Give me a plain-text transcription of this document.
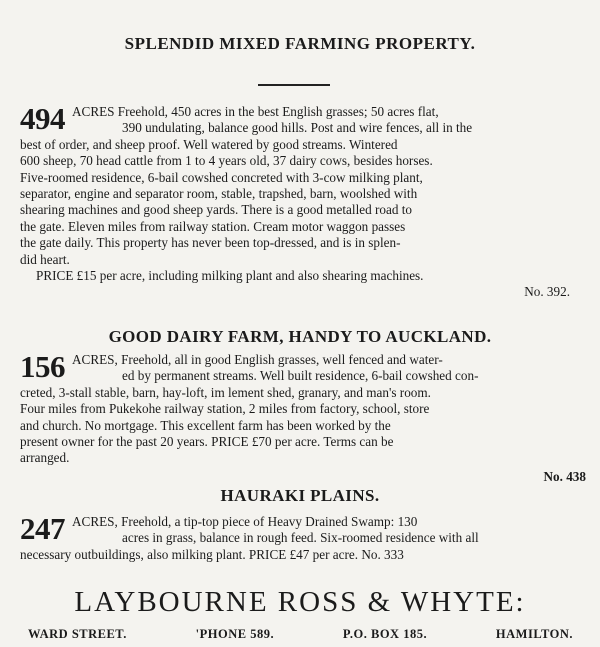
SPLENDID MIXED FARMING PROPERTY.
494 ACRES Freehold, 450 acres in the best English grasses; 50 acres flat,
390 undulating, balance good hills. Post and wire fences, all in the
best of order, and sheep proof. Well watered by good streams. Wintered
600 sheep, 70 head cattle from 1 to 4 years old, 37 dairy cows, besides horses.
Five-roomed residence, 6-bail cowshed concreted with 3-cow milking plant,
separator, engine and separator room, stable, trapshed, barn, woolshed with
shearing machines and good sheep yards. There is a good metalled road to
the gate. Eleven miles from railway station. Cream motor waggon passes
the gate daily. This property has never been top-dressed, and is in splen-
did heart.
PRICE £15 per acre, including milking plant and also shearing machines.
No. 392.
GOOD DAIRY FARM, HANDY TO AUCKLAND.
156 ACRES, Freehold, all in good English grasses, well fenced and water-
ed by permanent streams. Well built residence, 6-bail cowshed con-
creted, 3-stall stable, barn, hay-loft, im lement shed, granary, and man's room.
Four miles from Pukekohe railway station, 2 miles from factory, school, store
and church. No mortgage. This excellent farm has been worked by the
present owner for the past 20 years. PRICE £70 per acre. Terms can be
arranged.
No. 438
HAURAKI PLAINS.
247 ACRES, Freehold, a tip-top piece of Heavy Drained Swamp: 130
acres in grass, balance in rough feed. Six-roomed residence with all
necessary outbuildings, also milking plant. PRICE £47 per acre. No. 333
LAYBOURNE ROSS & WHYTE:
WARD STREET.	'PHONE 589.	P.O. BOX 185.	HAMILTON.
